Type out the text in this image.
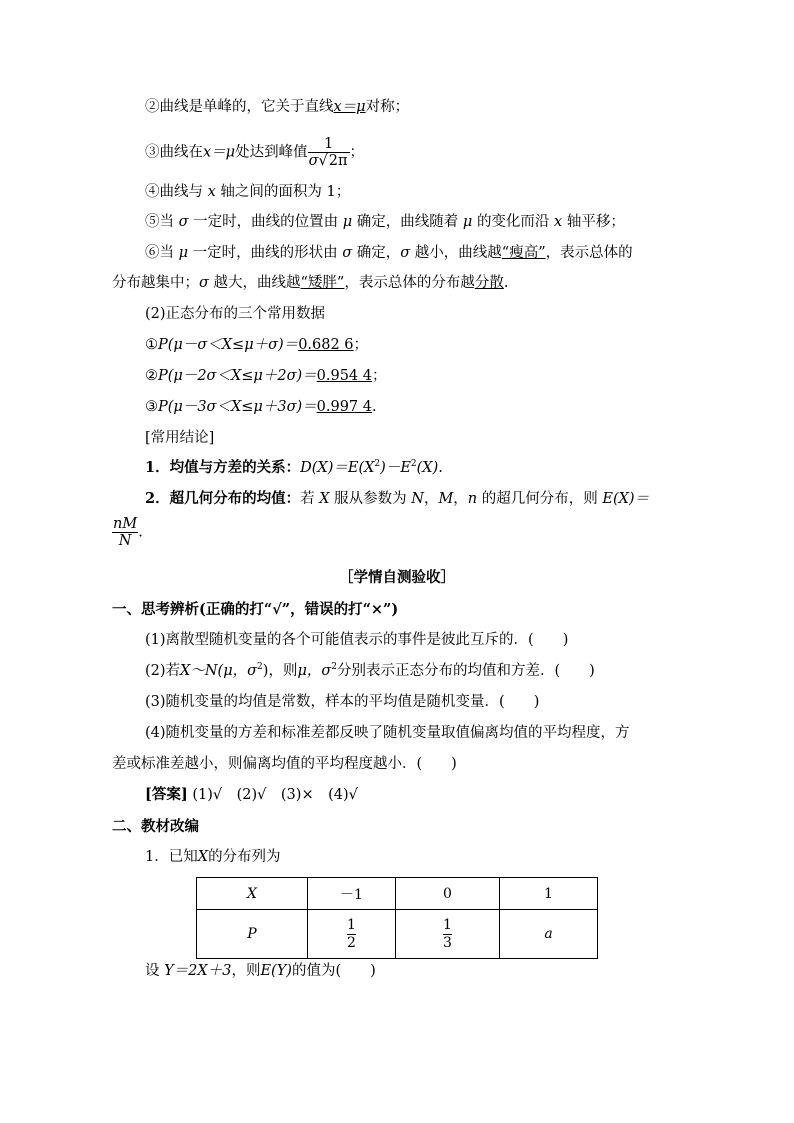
②曲线是单峰的，它关于直线x＝μ对称；
③曲线在x＝μ处达到峰值 $\frac{1}{\sigma√2\pi}$ ；
④曲线与 x 轴之间的面积为 1；
⑤当 σ 一定时，曲线的位置由 μ 确定，曲线随着 μ 的变化而沿 x 轴平移；
⑥当 μ 一定时，曲线的形状由 σ 确定，σ 越小，曲线越“瘦高”，表示总体的
分布越集中；σ 越大，曲线越“矮胖”，表示总体的分布越分散.
(2)正态分布的三个常用数据
①P(μ－σ＜X≤μ＋σ)＝0.682 6；
②P(μ－2σ＜X≤μ＋2σ)＝0.954 4；
③P(μ－3σ＜X≤μ＋3σ)＝0.997 4.
[常用结论]
1．均值与方差的关系：$D(X)=E(X^2)-E^2(X)$.
2．超几何分布的均值：若 X 服从参数为 N，M，n 的超几何分布，则 E(X)＝
$\frac{nM}{N}$ .
［学情自测验收］
一、思考辨析(正确的打“√”，错误的打“×”)
(1)离散型随机变量的各个可能值表示的事件是彼此互斥的．(　　)
(2)若X～N(μ，$\sigma^2$)，则μ，$\sigma^2$分别表示正态分布的均值和方差．(　　)
(3)随机变量的均值是常数，样本的平均值是随机变量．(　　)
(4)随机变量的方差和标准差都反映了随机变量取值偏离均值的平均程度，方
差或标准差越小，则偏离均值的平均程度越小．(　　)
[答案] (1)√　(2)√　(3)×　(4)√
二、教材改编
1．已知X的分布列为
X	－1	0	1
P	$\frac{1}{2}$	$\frac{1}{3}$	a
设 Y＝2X＋3，则E(Y)的值为(　　)
